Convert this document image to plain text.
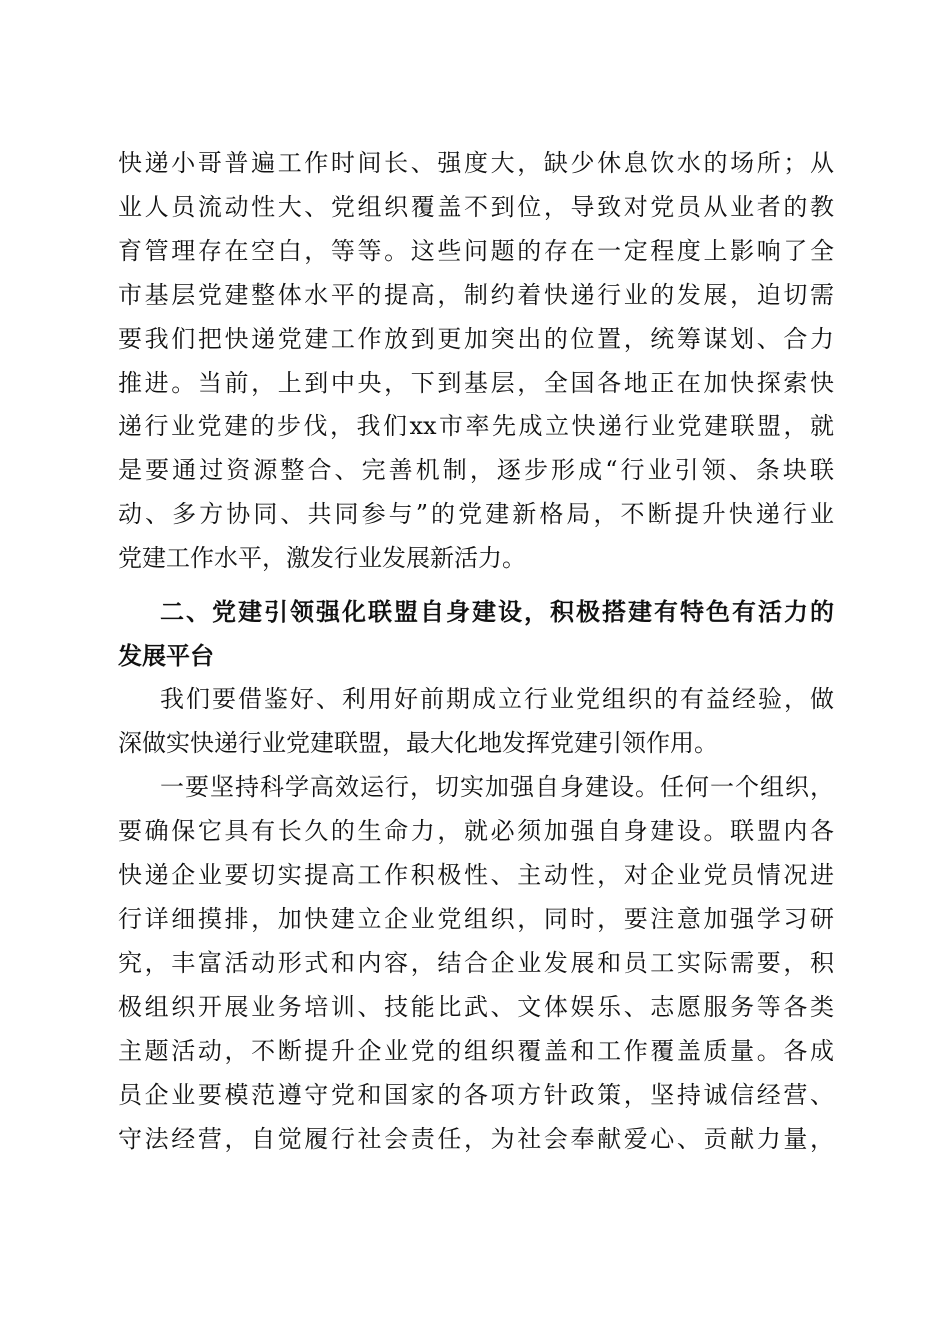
快递小哥普遍工作时间长、强度大，缺少休息饮水的场所；从
业人员流动性大、党组织覆盖不到位，导致对党员从业者的教
育管理存在空白，等等。这些问题的存在一定程度上影响了全
市基层党建整体水平的提高，制约着快递行业的发展，迫切需
要我们把快递党建工作放到更加突出的位置，统筹谋划、合力
推进。当前，上到中央，下到基层，全国各地正在加快探索快
递行业党建的步伐，我们xx市率先成立快递行业党建联盟，就
是要通过资源整合、完善机制，逐步形成“行业引领、条块联
动、多方协同、共同参与”的党建新格局，不断提升快递行业
党建工作水平，激发行业发展新活力。
二、党建引领强化联盟自身建设，积极搭建有特色有活力的
发展平台
我们要借鉴好、利用好前期成立行业党组织的有益经验，做
深做实快递行业党建联盟，最大化地发挥党建引领作用。
一要坚持科学高效运行，切实加强自身建设。任何一个组织，
要确保它具有长久的生命力，就必须加强自身建设。联盟内各
快递企业要切实提高工作积极性、主动性，对企业党员情况进
行详细摸排，加快建立企业党组织，同时，要注意加强学习研
究，丰富活动形式和内容，结合企业发展和员工实际需要，积
极组织开展业务培训、技能比武、文体娱乐、志愿服务等各类
主题活动，不断提升企业党的组织覆盖和工作覆盖质量。各成
员企业要模范遵守党和国家的各项方针政策，坚持诚信经营、
守法经营，自觉履行社会责任，为社会奉献爱心、贡献力量，
